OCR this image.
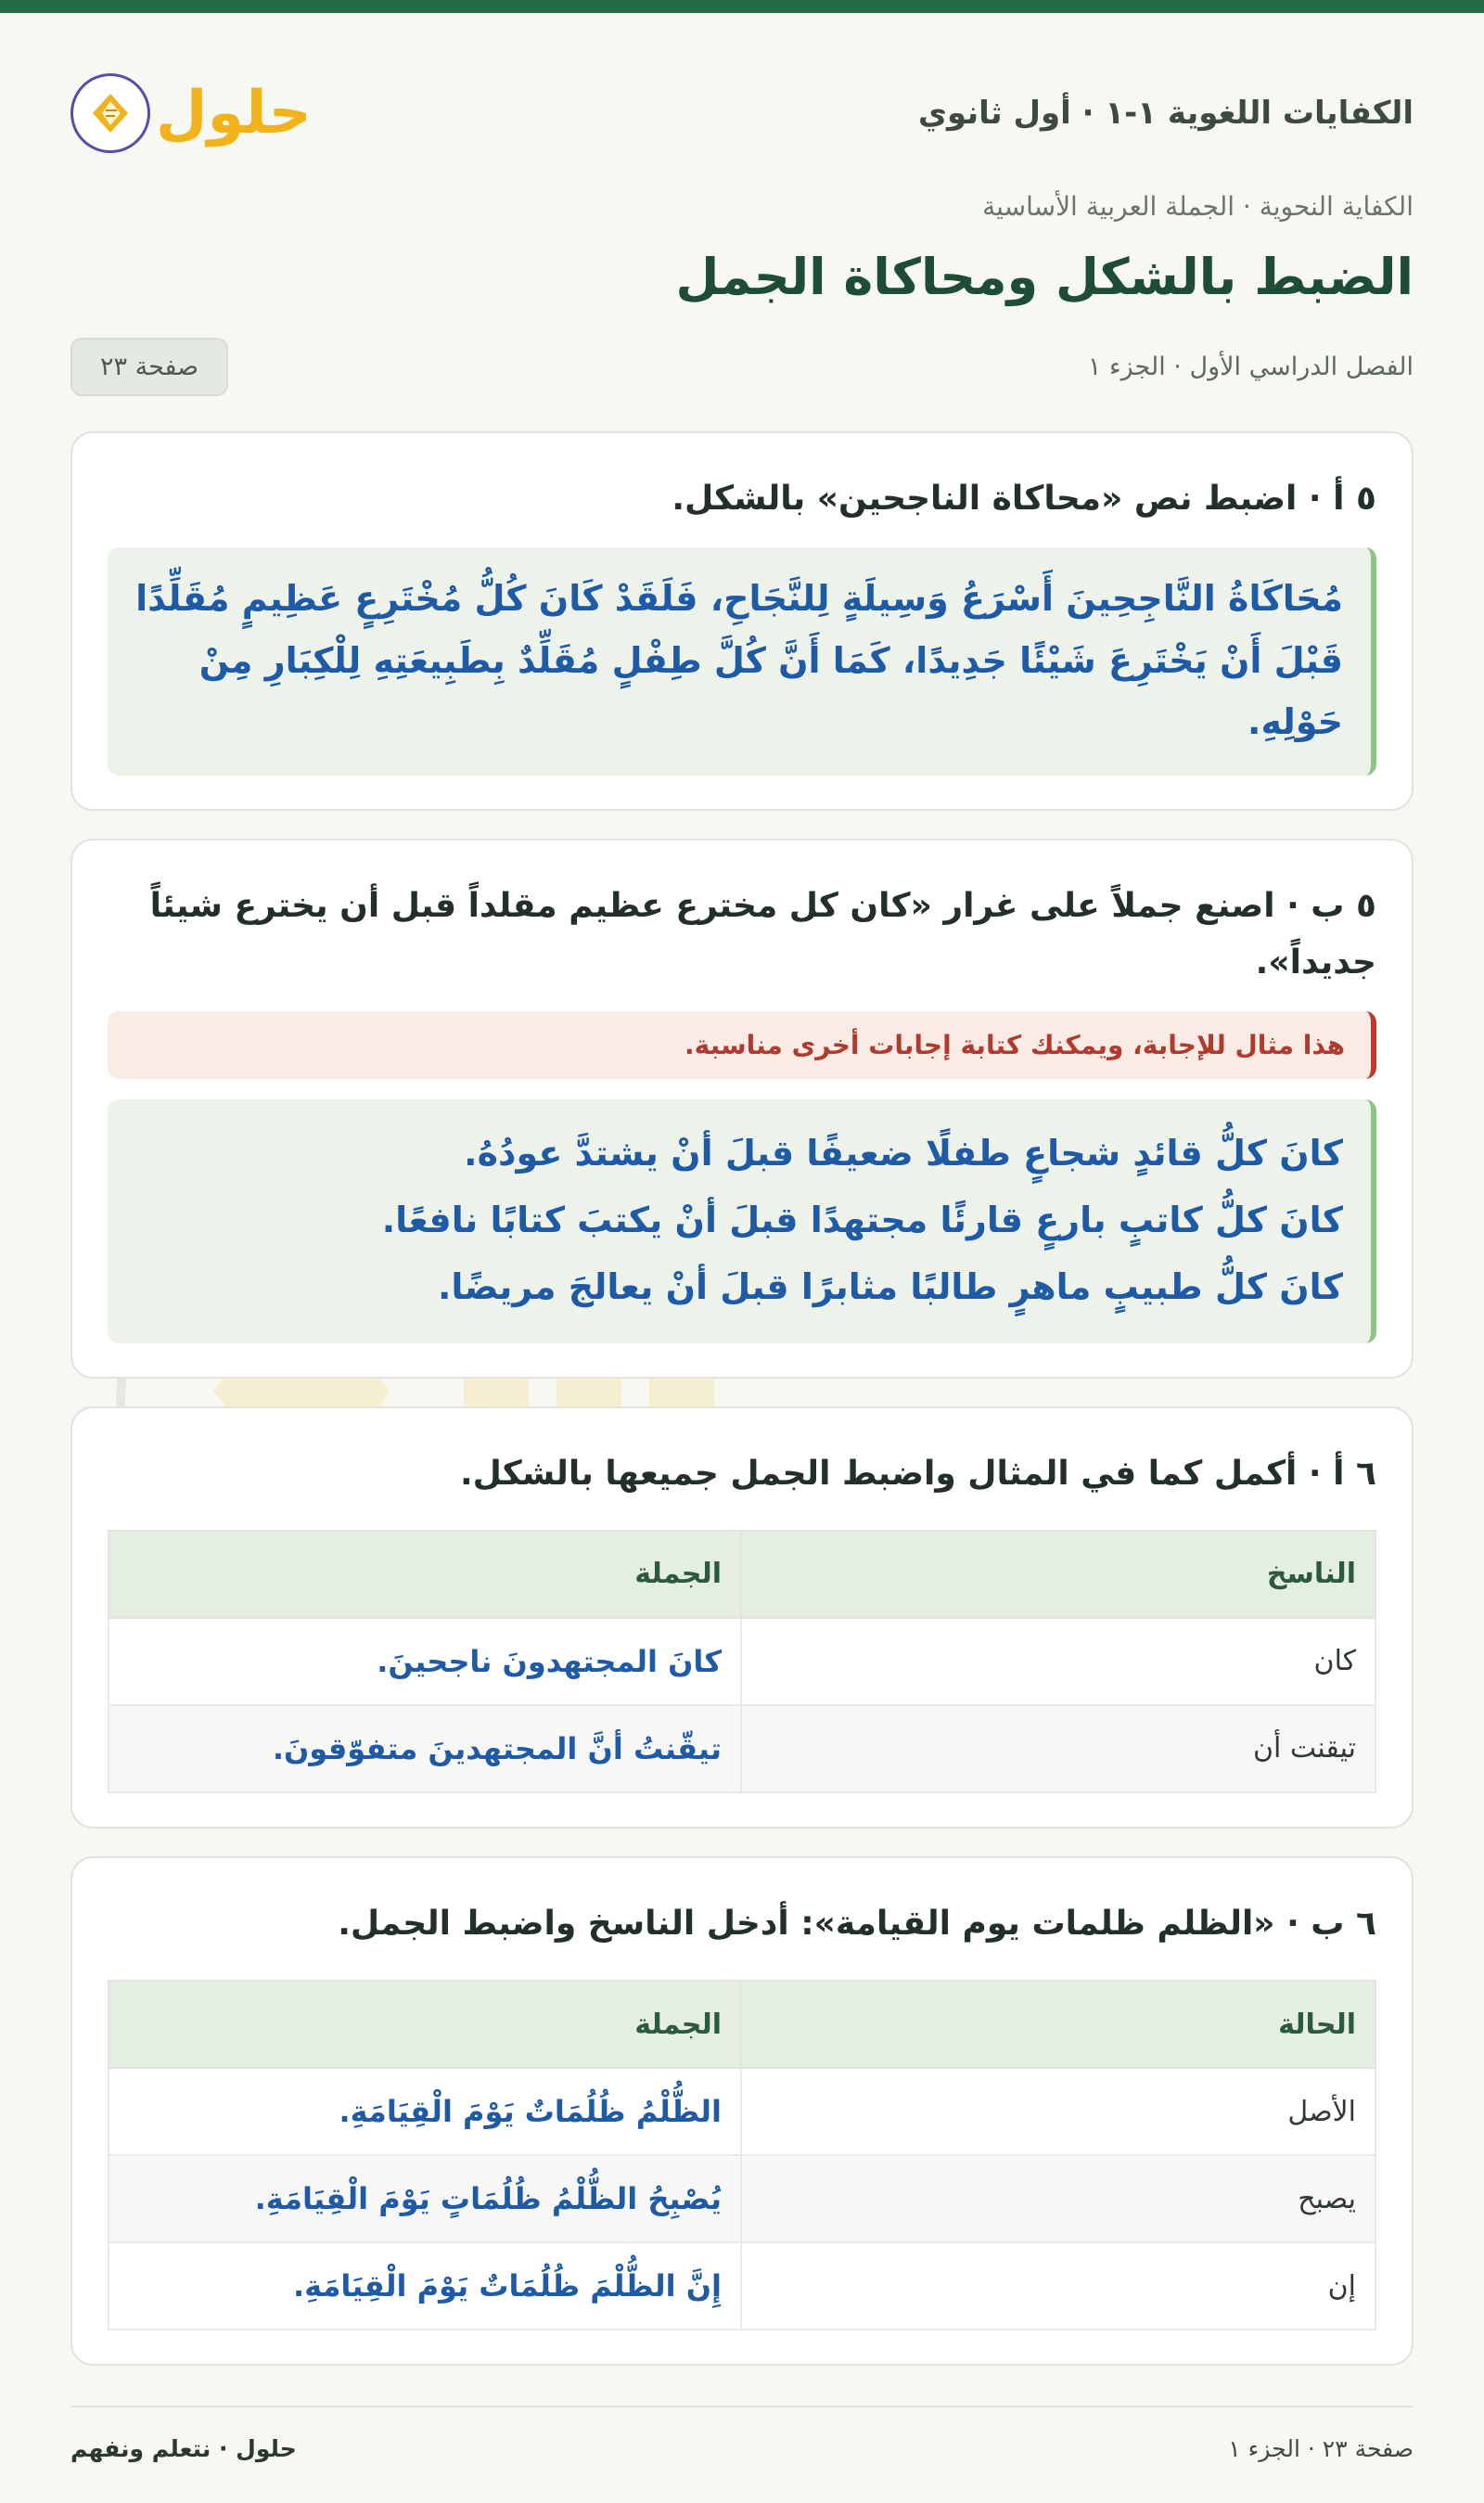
الكفايات اللغوية ١-١ · أول ثانوي
حلول
الكفاية النحوية · الجملة العربية الأساسية
الضبط بالشكل ومحاكاة الجمل
الفصل الدراسي الأول · الجزء ١
صفحة ٢٣
٥ أ · اضبط نص «محاكاة الناجحين» بالشكل.
مُحَاكَاةُ النَّاجِحِينَ أَسْرَعُ وَسِيلَةٍ لِلنَّجَاحِ، فَلَقَدْ كَانَ كُلُّ مُخْتَرِعٍ عَظِيمٍ مُقَلِّدًا قَبْلَ أَنْ يَخْتَرِعَ شَيْئًا جَدِيدًا، كَمَا أَنَّ كُلَّ طِفْلٍ مُقَلِّدٌ بِطَبِيعَتِهِ لِلْكِبَارِ مِنْ حَوْلِهِ.
٥ ب · اصنع جملاً على غرار «كان كل مخترع عظيم مقلداً قبل أن يخترع شيئاً جديداً».
هذا مثال للإجابة، ويمكنك كتابة إجابات أخرى مناسبة.
كانَ كلُّ قائدٍ شجاعٍ طفلًا ضعيفًا قبلَ أنْ يشتدَّ عودُهُ.
كانَ كلُّ كاتبٍ بارعٍ قارئًا مجتهدًا قبلَ أنْ يكتبَ كتابًا نافعًا.
كانَ كلُّ طبيبٍ ماهرٍ طالبًا مثابرًا قبلَ أنْ يعالجَ مريضًا.
٦ أ · أكمل كما في المثال واضبط الجمل جميعها بالشكل.
الناسخ	الجملة
كان	كانَ المجتهدونَ ناجحينَ.
تيقنت أن	تيقّنتُ أنَّ المجتهدينَ متفوّقونَ.
٦ ب · «الظلم ظلمات يوم القيامة»: أدخل الناسخ واضبط الجمل.
الحالة	الجملة
الأصل	الظُّلْمُ ظُلُمَاتٌ يَوْمَ الْقِيَامَةِ.
يصبح	يُصْبِحُ الظُّلْمُ ظُلُمَاتٍ يَوْمَ الْقِيَامَةِ.
إن	إِنَّ الظُّلْمَ ظُلُمَاتٌ يَوْمَ الْقِيَامَةِ.
صفحة ٢٣ · الجزء ١
حلول · نتعلم ونفهم
